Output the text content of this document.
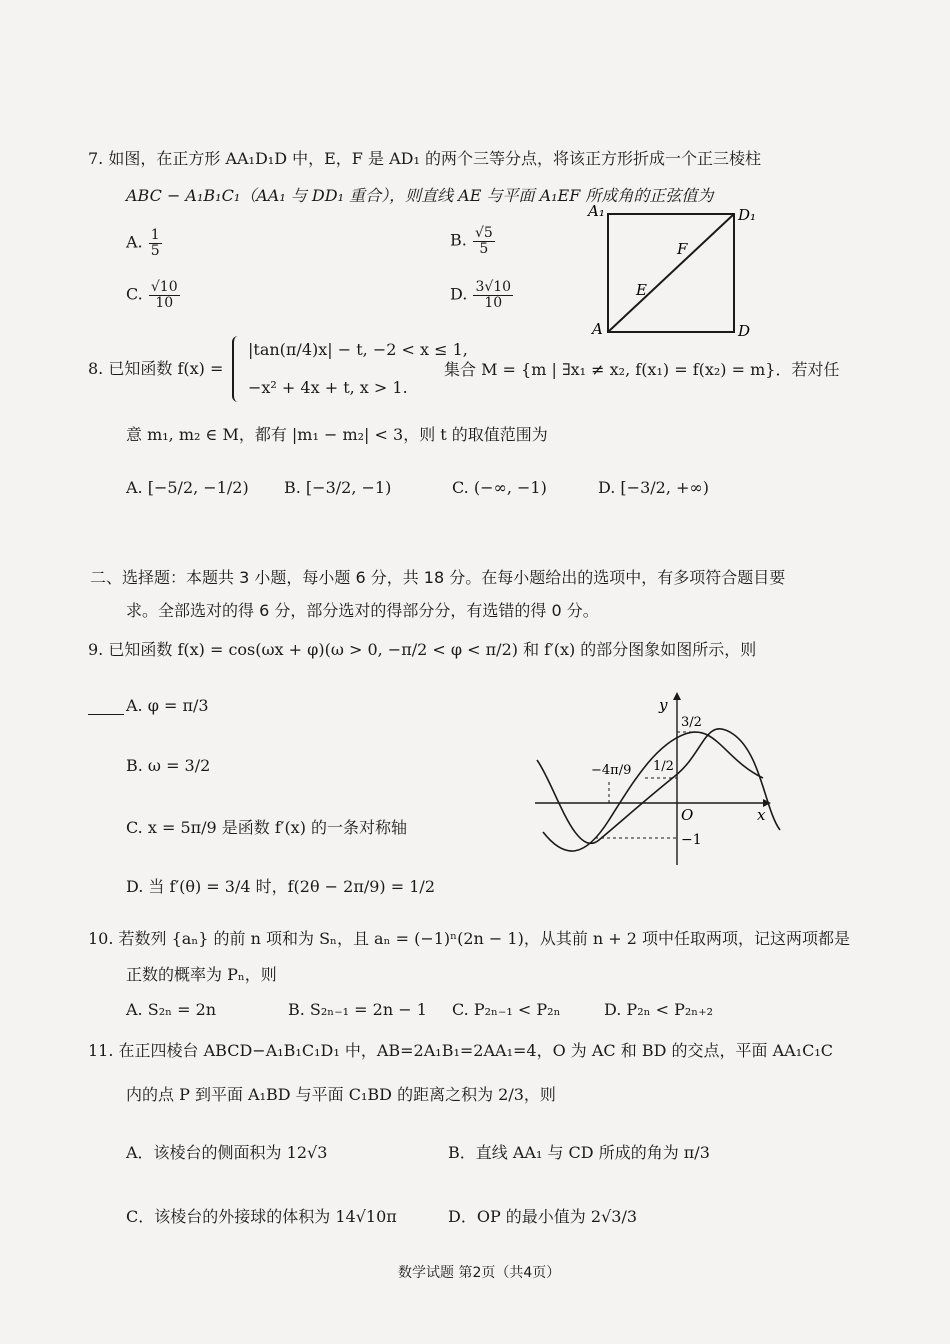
7. 如图，在正方形 AA₁D₁D 中，E，F 是 AD₁ 的两个三等分点，将该正方形折成一个正三棱柱
ABC − A₁B₁C₁（AA₁ 与 DD₁ 重合），则直线 AE 与平面 A₁EF 所成角的正弦值为
A. $\frac{1}{5}$	B. $\frac{√5}{5}$
C. $\frac{√10}{10}$	D. $\frac{3√10}{10}$
A₁	D₁
A	D
F
E
8. 已知函数 f(x) =
|tan(π/4)x| − t, −2 < x ≤ 1,
−x² + 4x + t, x > 1.
集合 M = {m | ∃x₁ ≠ x₂, f(x₁) = f(x₂) = m}．若对任
意 m₁, m₂ ∈ M，都有 |m₁ − m₂| < 3，则 t 的取值范围为
A. [−5/2, −1/2) B. [−3/2, −1)	C. (−∞, −1)	D. [−3/2, +∞)
二、选择题：本题共 3 小题，每小题 6 分，共 18 分。在每小题给出的选项中，有多项符合题目要
求。全部选对的得 6 分，部分选对的得部分分，有选错的得 0 分。
9. 已知函数 f(x) = cos(ωx + φ)(ω > 0, −π/2 < φ < π/2) 和 f′(x) 的部分图象如图所示，则
A. φ = π/3
B. ω = 3/2
C. x = 5π/9 是函数 f′(x) 的一条对称轴
D. 当 f′(θ) = 3/4 时，f(2θ − 2π/9) = 1/2
y
x
O
3/2
1/2
−1
−4π/9
10. 若数列 {aₙ} 的前 n 项和为 Sₙ，且 aₙ = (−1)ⁿ(2n − 1)，从其前 n + 2 项中任取两项，记这两项都是
正数的概率为 Pₙ，则
A. S₂ₙ = 2n	B. S₂ₙ₋₁ = 2n − 1 C. P₂ₙ₋₁ < P₂ₙ	D. P₂ₙ < P₂ₙ₊₂
11. 在正四棱台 ABCD−A₁B₁C₁D₁ 中，AB=2A₁B₁=2AA₁=4，O 为 AC 和 BD 的交点，平面 AA₁C₁C
内的点 P 到平面 A₁BD 与平面 C₁BD 的距离之积为 2/3，则
A．该棱台的侧面积为 12√3	B．直线 AA₁ 与 CD 所成的角为 π/3
C．该棱台的外接球的体积为 14√10π	D．OP 的最小值为 2√3/3
数学试题 第2页（共4页）
